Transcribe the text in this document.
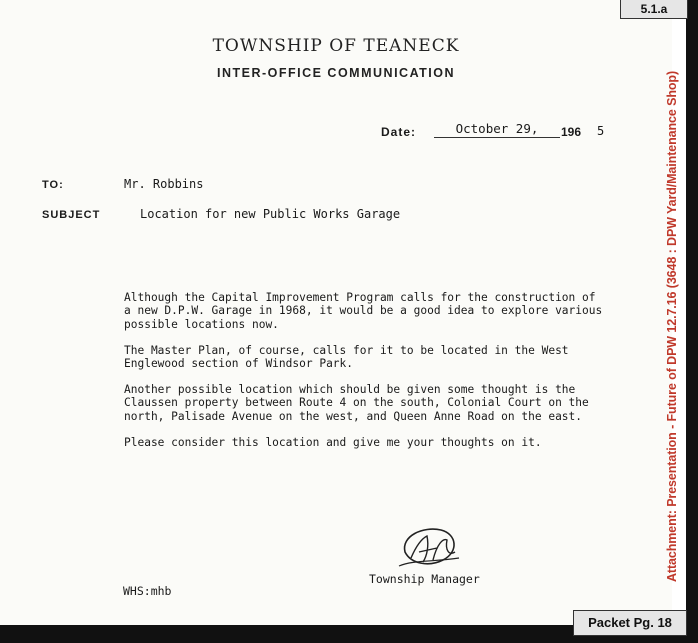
TOWNSHIP OF TEANECK
INTER-OFFICE COMMUNICATION
Date:	October 29,	196 5
TO:	Mr. Robbins
SUBJECT	Location for new Public Works Garage

Although the Capital Improvement Program calls for the construction of a new D.P.W. Garage in 1968, it would be a good idea to explore various possible locations now.

The Master Plan, of course, calls for it to be located in the West Englewood section of Windsor Park.

Another possible location which should be given some thought is the Claussen property between Route 4 on the south, Colonial Court on the north, Palisade Avenue on the west, and Queen Anne Road on the east.

Please consider this location and give me your thoughts on it.

Township Manager
WHS:mhb
Attachment: Presentation - Future of DPW 12.7.16 (3648 : DPW Yard/Maintenance Shop)
5.1.a
Packet Pg. 18
